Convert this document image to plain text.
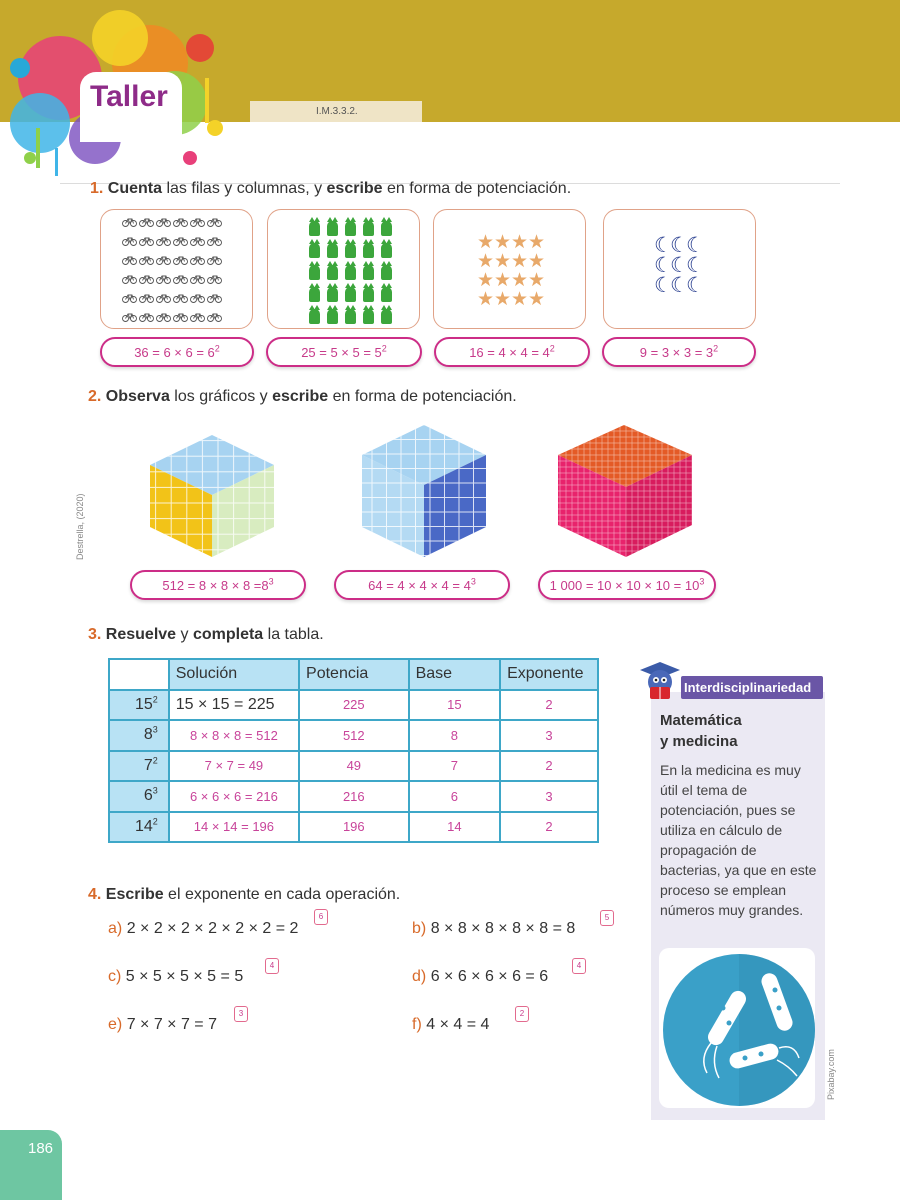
Taller	I.M.3.3.2.
1. Cuenta las filas y columnas, y escribe en forma de potenciación.
★ ★ ★ ★
★ ★ ★ ★
★ ★ ★ ★
★ ★ ★ ★
☾
☾
☾
☾
☾
☾
☾
☾
☾
$36 = 6 \times 6 = 6^2$	$25 = 5 \times 5 = 5^2$	$16 = 4 \times 4 = 4^2$	$9 = 3 \times 3 = 3^2$
2. Observa los gráficos y escribe en forma de potenciación.
Destrella, (2020)
$512 = 8 \times 8 \times 8 =8^3$	$64 = 4 \times 4 \times 4 = 4^3$	1 $000 = 10 \times 10 \times 10 = 10^3$
3. Resuelve y completa la tabla.
	Solución	Potencia	Base	Exponente
$15^2$	15 × 15 = 225	225	15	2
$8^3$	8 × 8 × 8 = 512	512	8	3
$7^2$	7 × 7 = 49	49	7	2
$6^3$	6 × 6 × 6 = 216	216	6	3
$14^2$	14 × 14 = 196	196	14	2
4. Escribe el exponente en cada operación.
a) 2 × 2 × 2 × 2 × 2 × 2 = 2
6
b) 8 × 8 × 8 × 8 × 8 = 8
5
c) 5 × 5 × 5 × 5 = 5
4
d) 6 × 6 × 6 × 6 = 6
4
e) 7 × 7 × 7 = 7
3
f) 4 × 4 = 4
2
Interdisciplinariedad
Matemática
y medicina
En la medicina es muy útil el tema de potenciación, pues se utiliza en cálculo de propagación de bacterias, ya que en este proceso se emplean números muy grandes.
Pixabay.com
186
